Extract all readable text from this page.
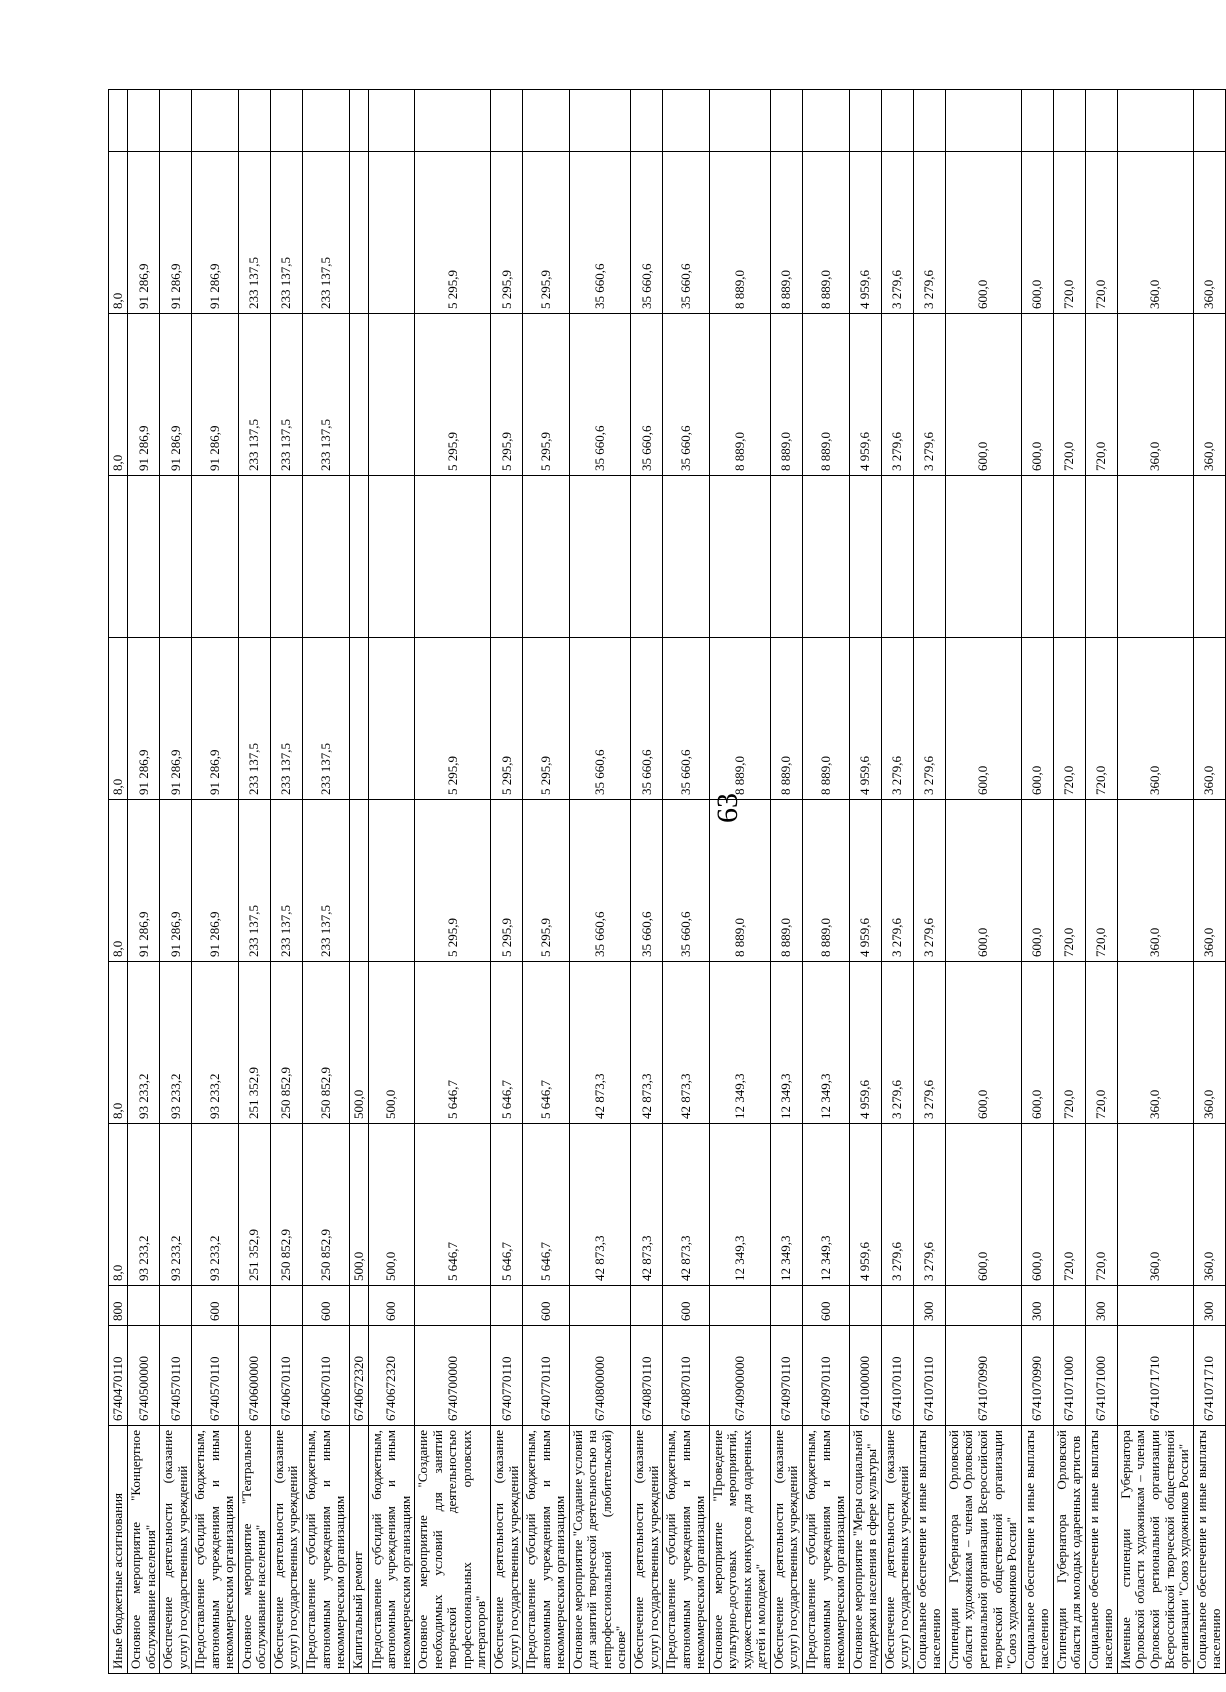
63
Иные бюджетные ассигнования	6740470110	800	8,0	8,0	8,0	8,0		8,0	8,0	
Основное мероприятие "Концертное обслуживание населения"	6740500000		93 233,2	93 233,2	91 286,9	91 286,9		91 286,9	91 286,9	
Обеспечение деятельности (оказание услуг) государственных учреждений	6740570110		93 233,2	93 233,2	91 286,9	91 286,9		91 286,9	91 286,9	
Предоставление субсидий бюджетным, автономным учреждениям и иным некоммерческим организациям	6740570110	600	93 233,2	93 233,2	91 286,9	91 286,9		91 286,9	91 286,9	
Основное мероприятие "Театральное обслуживание населения"	6740600000		251 352,9	251 352,9	233 137,5	233 137,5		233 137,5	233 137,5	
Обеспечение деятельности (оказание услуг) государственных учреждений	6740670110		250 852,9	250 852,9	233 137,5	233 137,5		233 137,5	233 137,5	
Предоставление субсидий бюджетным, автономным учреждениям и иным некоммерческим организациям	6740670110	600	250 852,9	250 852,9	233 137,5	233 137,5		233 137,5	233 137,5	
Капитальный ремонт	6740672320		500,0	500,0						
Предоставление субсидий бюджетным, автономным учреждениям и иным некоммерческим организациям	6740672320	600	500,0	500,0						
Основное мероприятие "Создание необходимых условий для занятий творческой деятельностью профессиональных орловских литераторов"	6740700000		5 646,7	5 646,7	5 295,9	5 295,9		5 295,9	5 295,9	
Обеспечение деятельности (оказание услуг) государственных учреждений	6740770110		5 646,7	5 646,7	5 295,9	5 295,9		5 295,9	5 295,9	
Предоставление субсидий бюджетным, автономным учреждениям и иным некоммерческим организациям	6740770110	600	5 646,7	5 646,7	5 295,9	5 295,9		5 295,9	5 295,9	
Основное мероприятие "Создание условий для занятий творческой деятельностью на непрофессиональной (любительской) основе"	6740800000		42 873,3	42 873,3	35 660,6	35 660,6		35 660,6	35 660,6	
Обеспечение деятельности (оказание услуг) государственных учреждений	6740870110		42 873,3	42 873,3	35 660,6	35 660,6		35 660,6	35 660,6	
Предоставление субсидий бюджетным, автономным учреждениям и иным некоммерческим организациям	6740870110	600	42 873,3	42 873,3	35 660,6	35 660,6		35 660,6	35 660,6	
Основное мероприятие "Проведение культурно-досуговых мероприятий, художественных конкурсов для одаренных детей и молодежи"	6740900000		12 349,3	12 349,3	8 889,0	8 889,0		8 889,0	8 889,0	
Обеспечение деятельности (оказание услуг) государственных учреждений	6740970110		12 349,3	12 349,3	8 889,0	8 889,0		8 889,0	8 889,0	
Предоставление субсидий бюджетным, автономным учреждениям и иным некоммерческим организациям	6740970110	600	12 349,3	12 349,3	8 889,0	8 889,0		8 889,0	8 889,0	
Основное мероприятие "Меры социальной поддержки населения в сфере культуры"	6741000000		4 959,6	4 959,6	4 959,6	4 959,6		4 959,6	4 959,6	
Обеспечение деятельности (оказание услуг) государственных учреждений	6741070110		3 279,6	3 279,6	3 279,6	3 279,6		3 279,6	3 279,6	
Социальное обеспечение и иные выплаты населению	6741070110	300	3 279,6	3 279,6	3 279,6	3 279,6		3 279,6	3 279,6	
Стипендии Губернатора Орловской области художникам – членам Орловской региональной организации Всероссийской творческой общественной организации "Союз художников России"	6741070990		600,0	600,0	600,0	600,0		600,0	600,0	
Социальное обеспечение и иные выплаты населению	6741070990	300	600,0	600,0	600,0	600,0		600,0	600,0	
Стипендии Губернатора Орловской области для молодых одаренных артистов	6741071000		720,0	720,0	720,0	720,0		720,0	720,0	
Социальное обеспечение и иные выплаты населению	6741071000	300	720,0	720,0	720,0	720,0		720,0	720,0	
Именные стипендии Губернатора Орловской области художникам – членам Орловской региональной организации Всероссийской творческой общественной организации "Союз художников России"	6741071710		360,0	360,0	360,0	360,0		360,0	360,0	
Социальное обеспечение и иные выплаты населению	6741071710	300	360,0	360,0	360,0	360,0		360,0	360,0	
